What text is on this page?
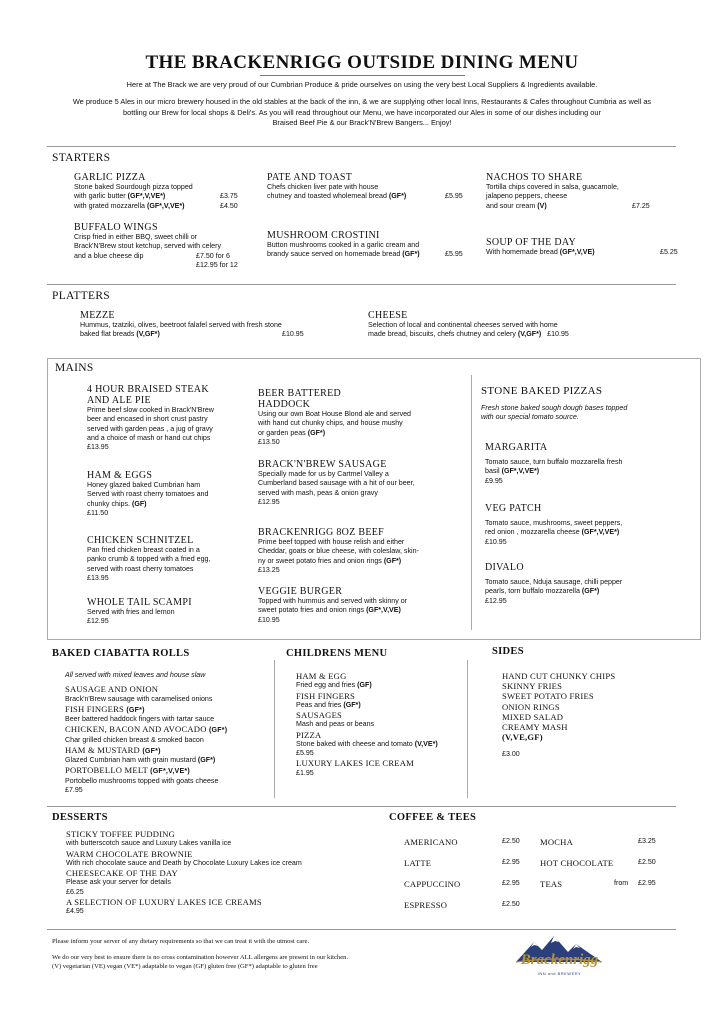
THE BRACKENRIGG OUTSIDE DINING MENU
Here at The Brack we are very proud of our Cumbrian Produce & pride ourselves on using the very best Local Suppliers & Ingredients available.
We produce 5 Ales in our micro brewery housed in the old stables at the back of the inn, & we are supplying other local Inns, Restaurants & Cafes throughout Cumbria as well as
bottling our Brew for local shops & Deli's. As you will read throughout our Menu, we have incorporated our Ales in some of our dishes including our
Braised Beef Pie & our Brack'N'Brew Bangers... Enjoy!
STARTERS
GARLIC PIZZA
Stone baked Sourdough pizza topped
with garlic butter (GF*,V,VE*)	£3.75
with grated mozzarella (GF*,V,VE*)	£4.50
BUFFALO WINGS
Crisp fried in either BBQ, sweet chilli or
Brack'N'Brew stout ketchup, served with celery
and a blue cheese dip	£7.50 for 6
£12.95 for 12
PATE AND TOAST
Chefs chicken liver pate with house
chutney and toasted wholemeal bread (GF*)	£5.95
MUSHROOM CROSTINI
Button mushrooms cooked in a garlic cream and
brandy sauce served on homemade bread (GF*)	£5.95
NACHOS TO SHARE
Tortilla chips covered in salsa, guacamole,
jalapeno peppers, cheese
and sour cream (V)	£7.25
SOUP OF THE DAY
With homemade bread (GF*,V,VE)	£5.25
PLATTERS
MEZZE
Hummus, tzatziki, olives, beetroot falafel served with fresh stone
baked flat breads (V,GF*)	£10.95
CHEESE
Selection of local and continental cheeses served with home
made bread, biscuits, chefs chutney and celery (V,GF*) £10.95
MAINS
4 HOUR BRAISED STEAK
AND ALE PIE
Prime beef slow cooked in Brack'N'Brew
beer and encased in short crust pastry
served with garden peas , a jug of gravy
and a choice of mash or hand cut chips
£13.95
HAM & EGGS
Honey glazed baked Cumbrian ham
Served with roast cherry tomatoes and
chunky chips. (GF)
£11.50
CHICKEN SCHNITZEL
Pan fried chicken breast coated in a
panko crumb & topped with a fried egg,
served with roast cherry tomatoes
£13.95
WHOLE TAIL SCAMPI
Served with fries and lemon
£12.95
BEER BATTERED
HADDOCK
Using our own Boat House Blond ale and served
with hand cut chunky chips, and house mushy
or garden peas (GF*)
£13.50
BRACK'N'BREW SAUSAGE
Specially made for us by Cartmel Valley a
Cumberland based sausage with a hit of our beer,
served with mash, peas & onion gravy
£12.95
BRACKENRIGG 8OZ BEEF
Prime beef topped with house relish and either
Cheddar, goats or blue cheese, with coleslaw, skin-
ny or sweet potato fries and onion rings (GF*)
£13.25
VEGGIE BURGER
Topped with hummus and served with skinny or
sweet potato fries and onion rings (GF*,V,VE)
£10.95
STONE BAKED PIZZAS
Fresh stone baked sough dough bases topped
with our special tomato source.
MARGARITA
Tomato sauce, turn buffalo mozzarella fresh
basil (GF*,V,VE*)
£9.95
VEG PATCH
Tomato sauce, mushrooms, sweet peppers,
red onion , mozzarella cheese (GF*,V,VE*)
£10.95
DIVALO
Tomato sauce, Nduja sausage, chilli pepper
pearls, torn buffalo mozzarella (GF*)
£12.95
BAKED CIABATTA ROLLS
All served with mixed leaves and house slaw
SAUSAGE AND ONION
Brack'n'Brew sausage with caramelised onions
FISH FINGERS (GF*)
Beer battered haddock fingers with tartar sauce
CHICKEN, BACON AND AVOCADO (GF*)
Char grilled chicken breast & smoked bacon
HAM & MUSTARD (GF*)
Glazed Cumbrian ham with grain mustard (GF*)
PORTOBELLO MELT (GF*,V,VE*)
Portobello mushrooms topped with goats cheese
£7.95
CHILDRENS MENU
HAM & EGG
Fried egg and fries (GF)
FISH FINGERS
Peas and fries (GF*)
SAUSAGES
Mash and peas or beans
PIZZA
Stone baked with cheese and tomato (V,VE*)
£5.95
LUXURY LAKES ICE CREAM
£1.95
SIDES
HAND CUT CHUNKY CHIPS
SKINNY FRIES
SWEET POTATO FRIES
ONION RINGS
MIXED SALAD
CREAMY MASH
(V,VE,GF)
£3.00
DESSERTS
STICKY TOFFEE PUDDING
with butterscotch sauce and Luxury Lakes vanilla ice
WARM CHOCOLATE BROWNIE
With rich chocolate sauce and Death by Chocolate Luxury Lakes ice cream
CHEESECAKE OF THE DAY
Please ask your server for details
£6.25
A SELECTION OF LUXURY LAKES ICE CREAMS
£4.95
COFFEE & TEES
AMERICANO	£2.50
LATTE	£2.95
CAPPUCCINO	£2.95
ESPRESSO	£2.50
MOCHA	£3.25
HOT CHOCOLATE	£2.50
TEAS	from £2.95
Please inform your server of any dietary requirements so that we can treat it with the utmost care.
We do our very best to ensure there is no cross contamination however ALL allergens are present in our kitchen.
(V) vegetarian (VE) vegan (VE*) adaptable to vegan (GF) gluten free (GF*) adaptable to gluten free	Brackenrigg
INN and BREWERY
